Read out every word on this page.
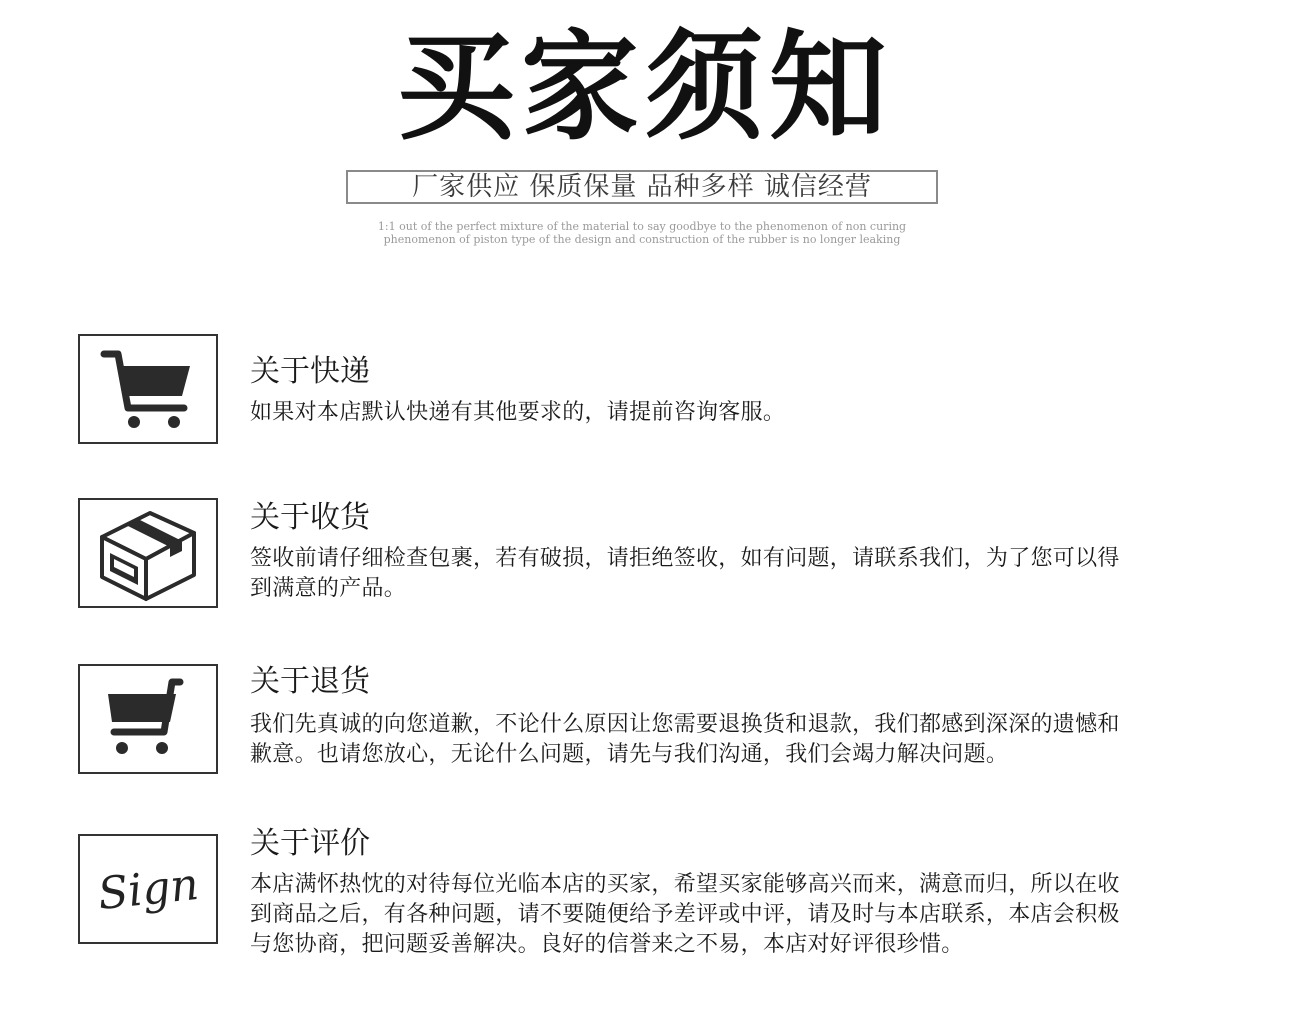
买家须知
厂家供应 保质保量 品种多样 诚信经营
1:1 out of the perfect mixture of the material to say goodbye to the phenomenon of non curing
phenomenon of piston type of the design and construction of the rubber is no longer leaking
关于快递
如果对本店默认快递有其他要求的，请提前咨询客服。
关于收货
签收前请仔细检查包裹，若有破损，请拒绝签收，如有问题，请联系我们，为了您可以得
到满意的产品。
关于退货
我们先真诚的向您道歉，不论什么原因让您需要退换货和退款，我们都感到深深的遗憾和
歉意。也请您放心，无论什么问题，请先与我们沟通，我们会竭力解决问题。
Sign
关于评价
本店满怀热忱的对待每位光临本店的买家，希望买家能够高兴而来，满意而归，所以在收
到商品之后，有各种问题，请不要随便给予差评或中评，请及时与本店联系，本店会积极
与您协商，把问题妥善解决。良好的信誉来之不易，本店对好评很珍惜。
